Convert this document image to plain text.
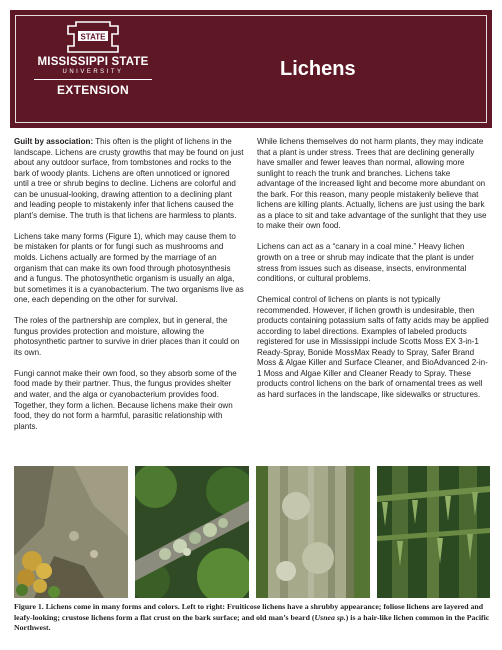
STATE
MISSISSIPPI STATE
UNIVERSITY
EXTENSION
Lichens

Guilt by association: This often is the plight of lichens in the landscape. Lichens are crusty growths that may be found on just about any outdoor surface, from tombstones and rocks to the bark of woody plants. Lichens are often unnoticed or ignored until a tree or shrub begins to decline. Lichens are colorful and can be unusual-looking, drawing attention to a declining plant and leading people to mistakenly infer that lichens caused the plant’s demise. The truth is that lichens are harmless to plants.

Lichens take many forms (Figure 1), which may cause them to be mistaken for plants or for fungi such as mushrooms and molds. Lichens actually are formed by the marriage of an organism that can make its own food through photosynthesis and a fungus. The photosynthetic organism is usually an alga, but sometimes it is a cyanobacterium. The two organisms live as one, each depending on the other for survival.

The roles of the partnership are complex, but in general, the fungus provides protection and moisture, allowing the photosynthetic partner to survive in drier places than it could on its own.

Fungi cannot make their own food, so they absorb some of the food made by their partner. Thus, the fungus provides shelter and water, and the alga or cyanobacterium provides food. Together, they form a lichen. Because lichens make their own food, they do not form a harmful, parasitic relationship with plants.

While lichens themselves do not harm plants, they may indicate that a plant is under stress. Trees that are declining generally have smaller and fewer leaves than normal, allowing more sunlight to reach the trunk and branches. Lichens take advantage of the increased light and become more abundant on the bark. For this reason, many people mistakenly believe that lichens are killing plants. Actually, lichens are just using the bark as a place to sit and take advantage of the sunlight that they use to make their own food.

Lichens can act as a “canary in a coal mine.” Heavy lichen growth on a tree or shrub may indicate that the plant is under stress from issues such as disease, insects, environmental conditions, or cultural problems.

Chemical control of lichens on plants is not typically recommended. However, if lichen growth is undesirable, then products containing potassium salts of fatty acids may be applied according to label directions. Examples of labeled products registered for use in Mississippi include Scotts Moss EX 3-in-1 Ready-Spray, Bonide MossMax Ready to Spray, Safer Brand Moss & Algae Killer and Surface Cleaner, and BioAdvanced 2-in-1 Moss and Algae Killer and Cleaner Ready to Spray. These products control lichens on the bark of ornamental trees as well as hard surfaces in the landscape, like sidewalks or structures.

Figure 1. Lichens come in many forms and colors. Left to right: Fruiticose lichens have a shrubby appearance; foliose lichens are layered and leafy-looking; crustose lichens form a flat crust on the bark surface; and old man’s beard (Usnea sp.) is a hair-like lichen common in the Pacific Northwest.
